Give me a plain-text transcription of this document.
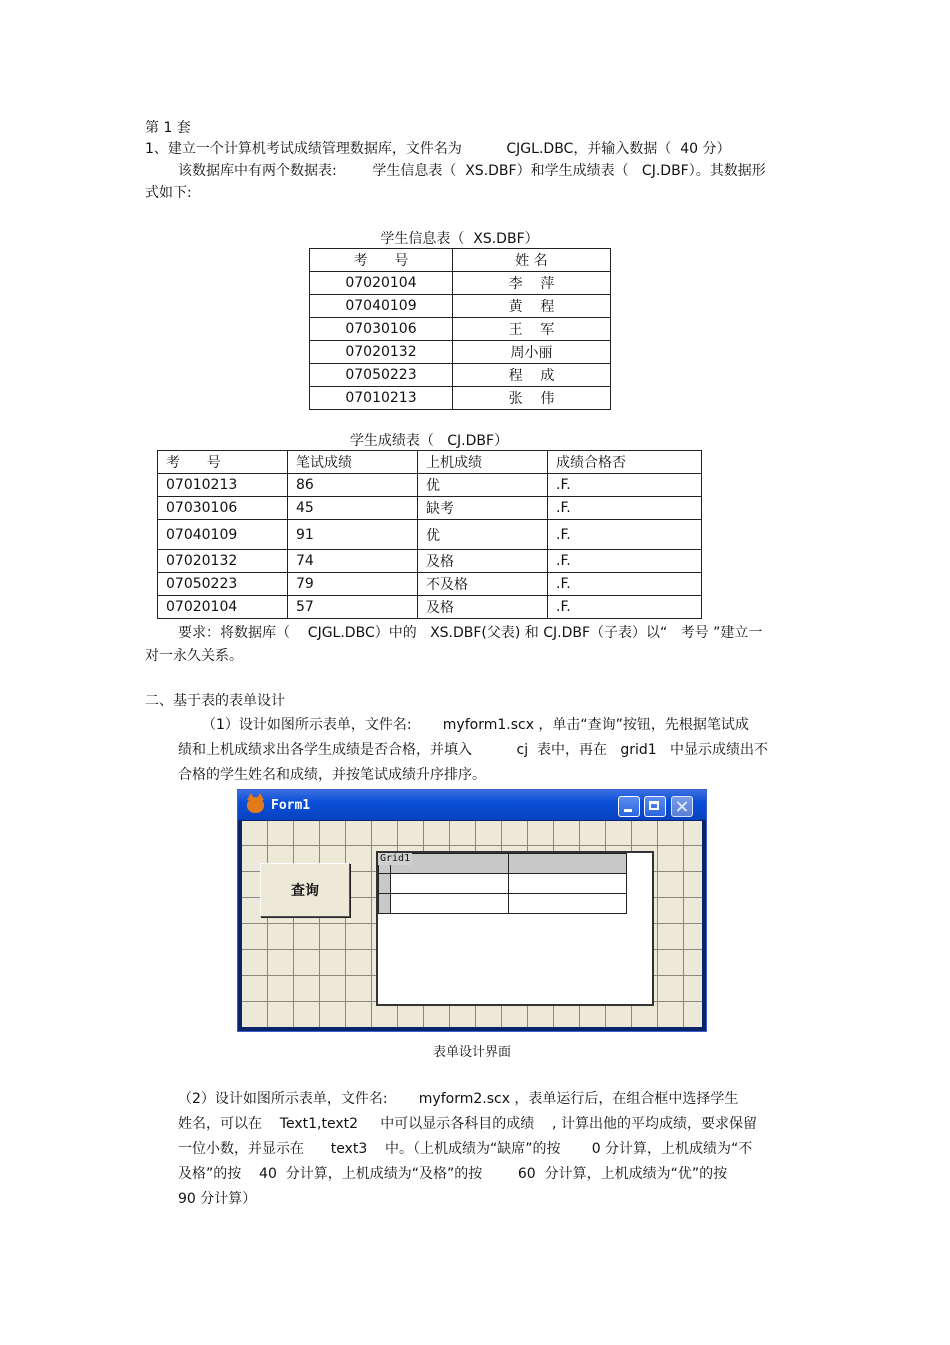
第 1 套
1、建立一个计算机考试成绩管理数据库，文件名为          CJGL.DBC，并输入数据（  40 分）
该数据库中有两个数据表:        学生信息表（  XS.DBF）和学生成绩表（   CJ.DBF）。其数据形
式如下:
学生信息表（  XS.DBF）
考      号	姓 名
07020104	李    萍
07040109	黄    程
07030106	王    军
07020132	周小丽
07050223	程    成
07010213	张    伟
学生成绩表（   CJ.DBF）
考      号	笔试成绩	上机成绩	成绩合格否
07010213	86	优	.F.
07030106	45	缺考	.F.
07040109	91	优	.F.
07020132	74	及格	.F.
07050223	79	不及格	.F.
07020104	57	及格	.F.
要求：将数据库（    CJGL.DBC）中的   XS.DBF(父表) 和 CJ.DBF（子表）以“   考号 ”建立一
对一永久关系。
二、基于表的表单设计
（1）设计如图所示表单，文件名:       myform1.scx ，单击“查询”按钮，先根据笔试成
绩和上机成绩求出各学生成绩是否合格，并填入          cj  表中，再在   grid1   中显示成绩出不
合格的学生姓名和成绩，并按笔试成绩升序排序。
Form1
查询

Grid1
表单设计界面
（2）设计如图所示表单，文件名:       myform2.scx ，表单运行后，在组合框中选择学生
姓名，可以在    Text1,text2     中可以显示各科目的成绩    , 计算出他的平均成绩，要求保留
一位小数，并显示在      text3    中。（上机成绩为“缺席”的按       0 分计算，上机成绩为“不
及格”的按    40  分计算，上机成绩为“及格”的按        60  分计算，上机成绩为“优”的按
90 分计算）
